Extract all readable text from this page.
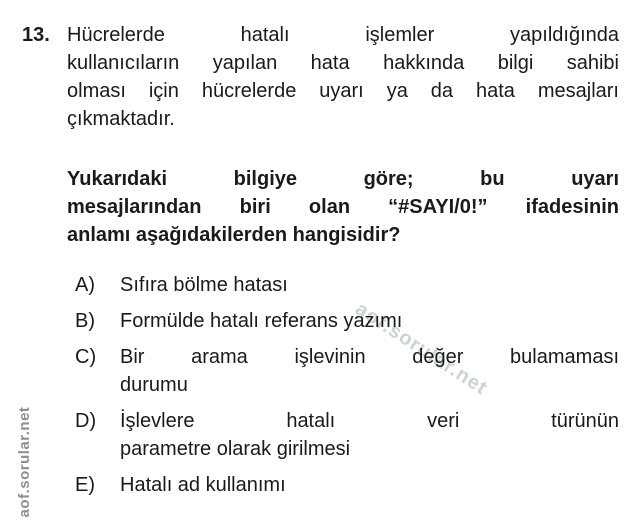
aof.sorular.net
aof.sorular.net
13. Hücrelerde hatalı işlemler yapıldığında
kullanıcıların yapılan hata hakkında bilgi sahibi
olması için hücrelerde uyarı ya da hata mesajları
çıkmaktadır.
Yukarıdaki bilgiye göre; bu uyarı
mesajlarından biri olan “#SAYI/0!” ifadesinin
anlamı aşağıdakilerden hangisidir?
A)	Sıfıra bölme hatası
B)	Formülde hatalı referans yazımı
C)	Bir arama işlevinin değer bulamaması
durumu
D)	İşlevlere hatalı veri türünün
parametre olarak girilmesi
E)	Hatalı ad kullanımı
